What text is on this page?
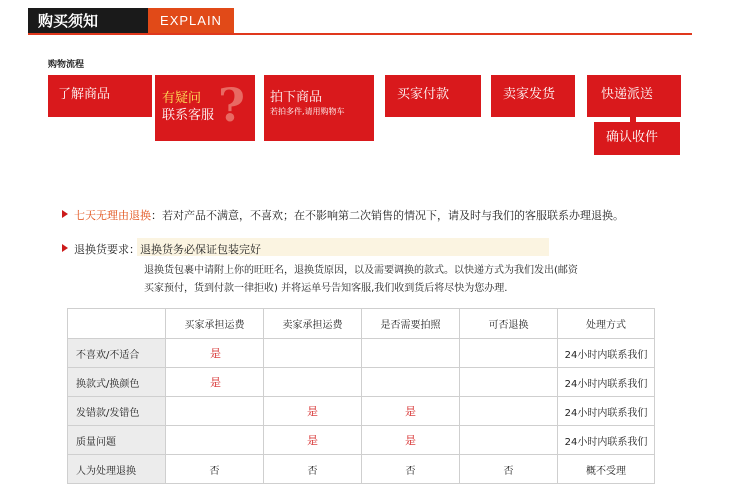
购买须知	EXPLAIN
购物流程
了解商品	?
有疑问
联系客服
拍下商品
若拍多件,请用购物车
买家付款	卖家发货	快递派送
确认收件
七天无理由退换：若对产品不满意，不喜欢；在不影响第二次销售的情况下，请及时与我们的客服联系办理退换。
退换货要求：退换货务必保证包装完好
退换货包裹中请附上你的旺旺名，退换货原因，以及需要调换的款式。以快递方式为我们发出(邮资
买家预付，货到付款一律拒收) 并将运单号告知客服,我们收到货后将尽快为您办理.
	买家承担运费	卖家承担运费	是否需要拍照	可否退换	处理方式
不喜欢/不适合	是				24小时内联系我们
换款式/换颜色	是				24小时内联系我们
发错款/发错色		是	是		24小时内联系我们
质量问题		是	是		24小时内联系我们
人为处理退换	否	否	否	否	概不受理
